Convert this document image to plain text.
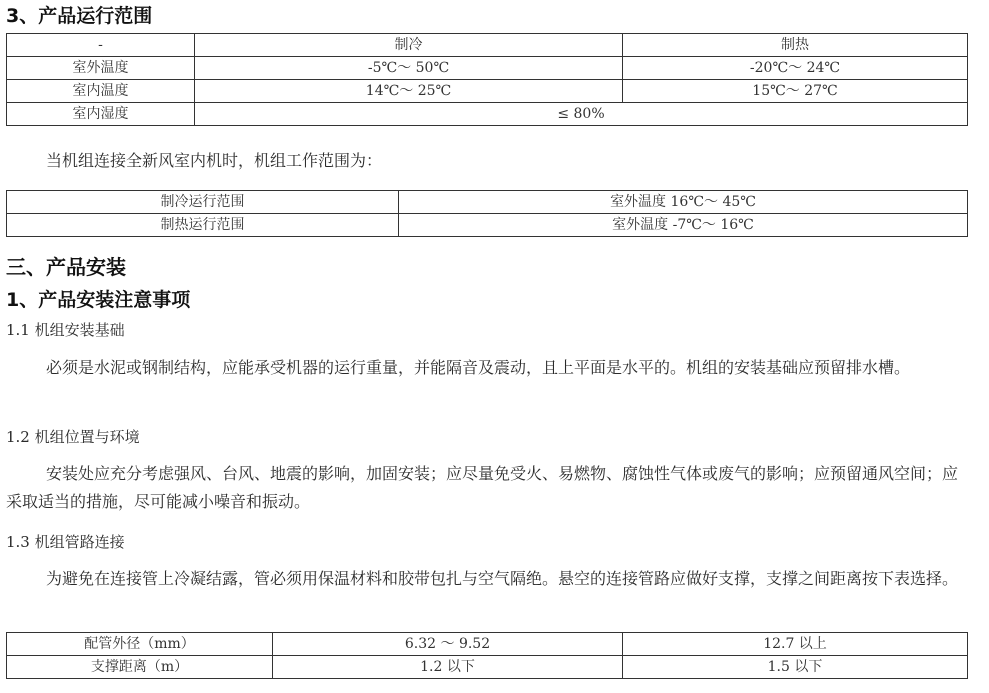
3、产品运行范围
-	制冷	制热
室外温度	-5℃～ 50℃	-20℃～ 24℃
室内温度	14℃～ 25℃	15℃～ 27℃
室内湿度	≤ 80%	

当机组连接全新风室内机时，机组工作范围为：

制冷运行范围	室外温度 16℃～ 45℃
制热运行范围	室外温度 -7℃～ 16℃
三、产品安装
1、产品安装注意事项
1.1 机组安装基础

必须是水泥或钢制结构，应能承受机器的运行重量，并能隔音及震动，且上平面是水平的。机组的安装基础应预留排水槽。

1.2 机组位置与环境

安装处应充分考虑强风、台风、地震的影响，加固安装；应尽量免受火、易燃物、腐蚀性气体或废气的影响；应预留通风空间；应采取适当的措施，尽可能减小噪音和振动。

1.3 机组管路连接

为避免在连接管上冷凝结露，管必须用保温材料和胶带包扎与空气隔绝。悬空的连接管路应做好支撑，支撑之间距离按下表选择。

配管外径（mm）	6.32 ～ 9.52	12.7 以上
支撑距离（m）	1.2 以下	1.5 以下
